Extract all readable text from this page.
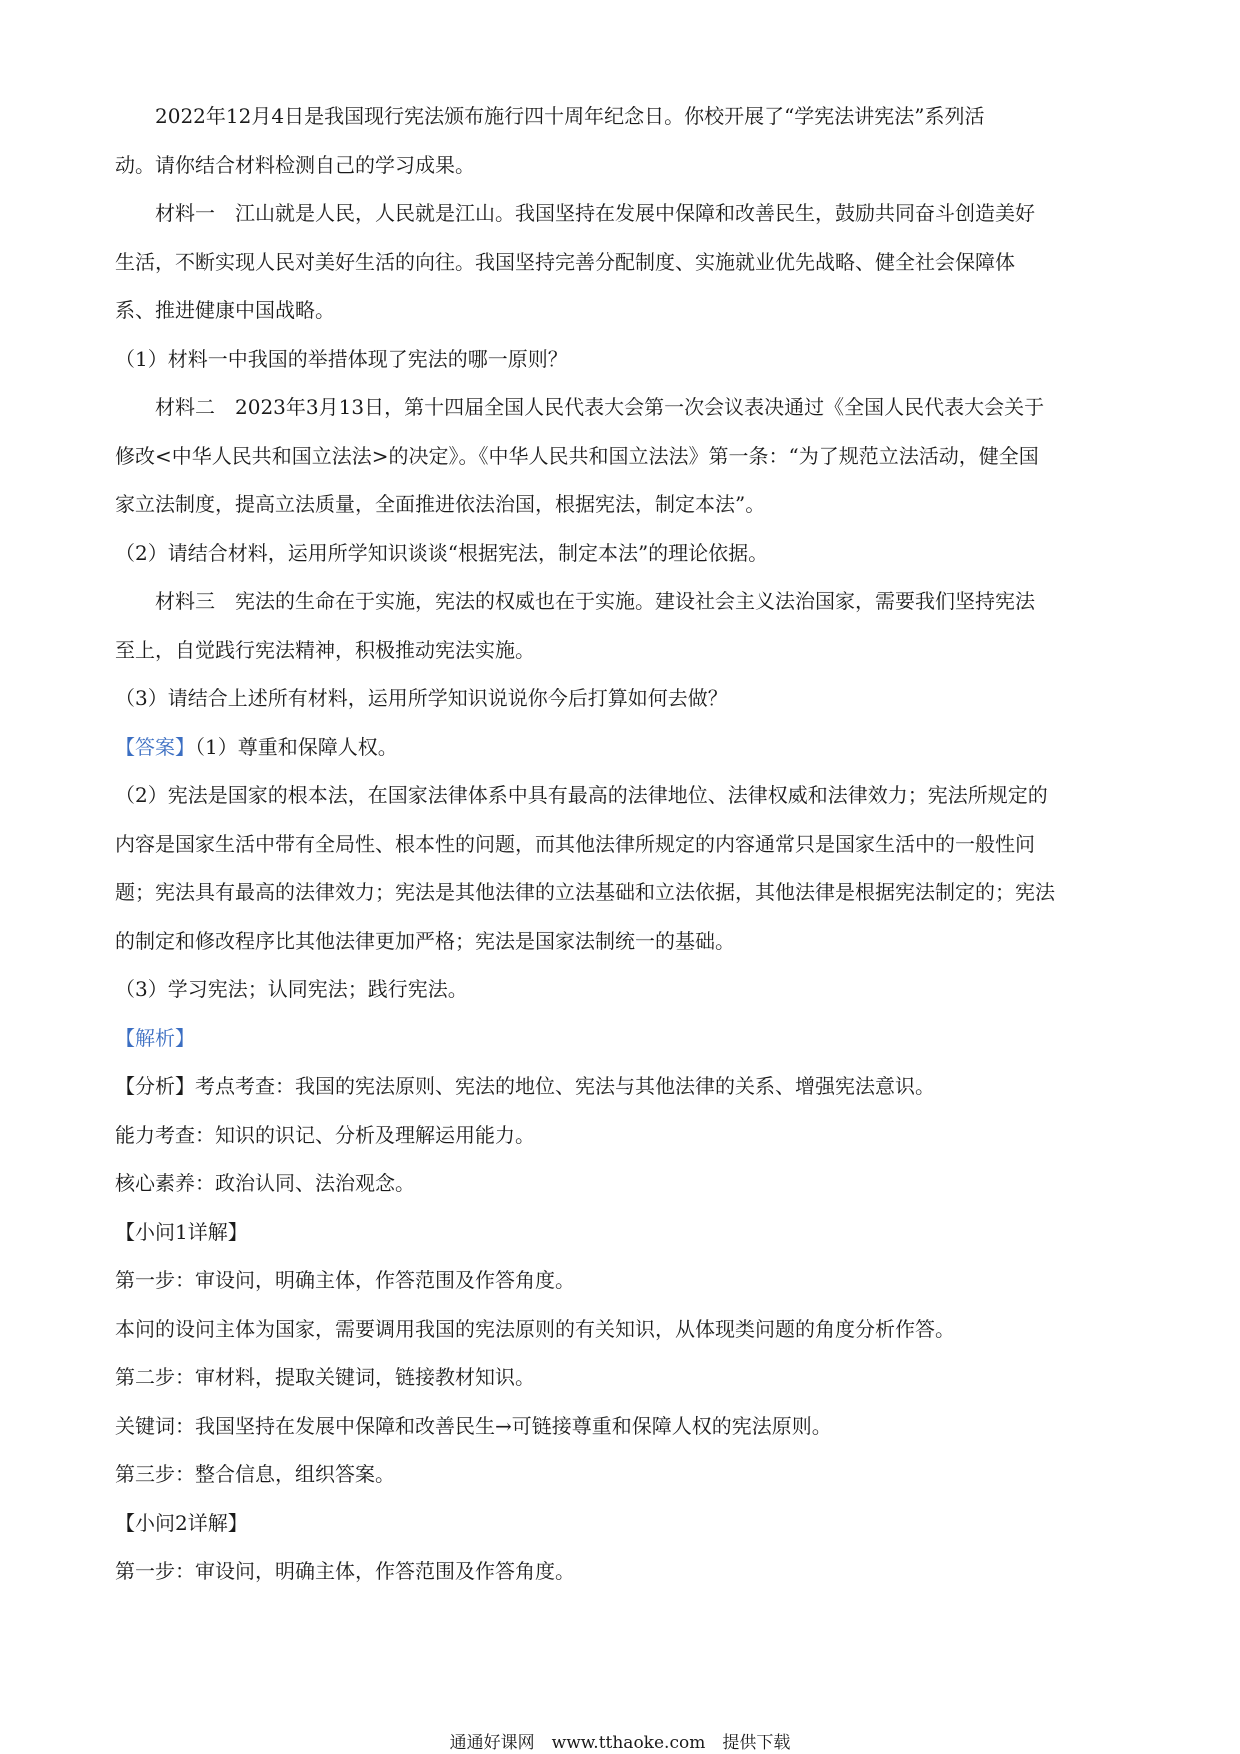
2022年12月4日是我国现行宪法颁布施行四十周年纪念日。你校开展了“学宪法讲宪法”系列活

动。请你结合材料检测自己的学习成果。

材料一　江山就是人民，人民就是江山。我国坚持在发展中保障和改善民生，鼓励共同奋斗创造美好

生活，不断实现人民对美好生活的向往。我国坚持完善分配制度、实施就业优先战略、健全社会保障体

系、推进健康中国战略。

（1）材料一中我国的举措体现了宪法的哪一原则？

材料二　2023年3月13日，第十四届全国人民代表大会第一次会议表决通过《全国人民代表大会关于

修改<中华人民共和国立法法>的决定》。《中华人民共和国立法法》第一条：“为了规范立法活动，健全国

家立法制度，提高立法质量，全面推进依法治国，根据宪法，制定本法”。

（2）请结合材料，运用所学知识谈谈“根据宪法，制定本法”的理论依据。

材料三　宪法的生命在于实施，宪法的权威也在于实施。建设社会主义法治国家，需要我们坚持宪法

至上，自觉践行宪法精神，积极推动宪法实施。

（3）请结合上述所有材料，运用所学知识说说你今后打算如何去做？

【答案】（1）尊重和保障人权。

（2）宪法是国家的根本法，在国家法律体系中具有最高的法律地位、法律权威和法律效力；宪法所规定的

内容是国家生活中带有全局性、根本性的问题，而其他法律所规定的内容通常只是国家生活中的一般性问

题；宪法具有最高的法律效力；宪法是其他法律的立法基础和立法依据，其他法律是根据宪法制定的；宪法

的制定和修改程序比其他法律更加严格；宪法是国家法制统一的基础。

（3）学习宪法；认同宪法；践行宪法。

【解析】

【分析】考点考查：我国的宪法原则、宪法的地位、宪法与其他法律的关系、增强宪法意识。

能力考查：知识的识记、分析及理解运用能力。

核心素养：政治认同、法治观念。

【小问1详解】

第一步：审设问，明确主体，作答范围及作答角度。

本问的设问主体为国家，需要调用我国的宪法原则的有关知识，从体现类问题的角度分析作答。

第二步：审材料，提取关键词，链接教材知识。

关键词：我国坚持在发展中保障和改善民生→可链接尊重和保障人权的宪法原则。

第三步：整合信息，组织答案。

【小问2详解】

第一步：审设问，明确主体，作答范围及作答角度。

通通好课网　www.tthaoke.com　提供下载
